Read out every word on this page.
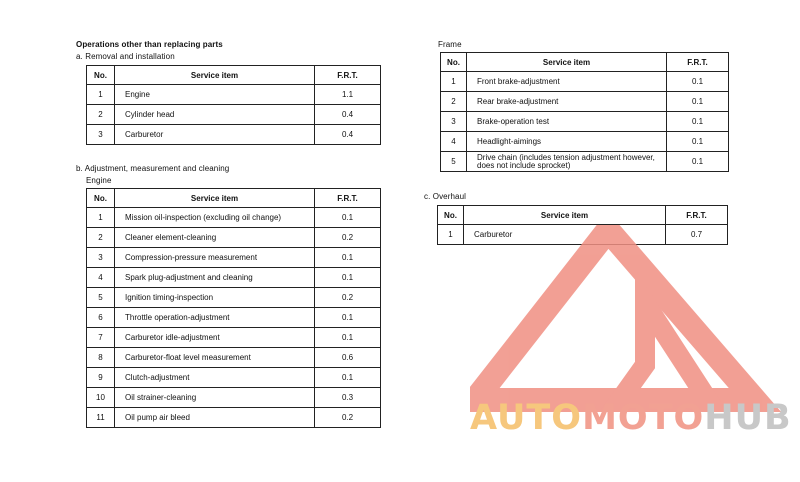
Operations other than replacing parts
a. Removal and installation
No.	Service item	F.R.T.
1	Engine	1.1
2	Cylinder head	0.4
3	Carburetor	0.4
b. Adjustment, measurement and cleaning
Engine
No.	Service item	F.R.T.
1	Mission oil-inspection (excluding oil change)	0.1
2	Cleaner element-cleaning	0.2
3	Compression-pressure measurement	0.1
4	Spark plug-adjustment and cleaning	0.1
5	Ignition timing-inspection	0.2
6	Throttle operation-adjustment	0.1
7	Carburetor idle-adjustment	0.1
8	Carburetor-float level measurement	0.6
9	Clutch-adjustment	0.1
10	Oil strainer-cleaning	0.3
11	Oil pump air bleed	0.2
Frame
No.	Service item	F.R.T.
1	Front brake-adjustment	0.1
2	Rear brake-adjustment	0.1
3	Brake-operation test	0.1
4	Headlight-aimings	0.1
5	Drive chain (includes tension adjustment however, does not include sprocket)	0.1
c. Overhaul
No.	Service item	F.R.T.
1	Carburetor	0.7
AUTOMOTOHUB
